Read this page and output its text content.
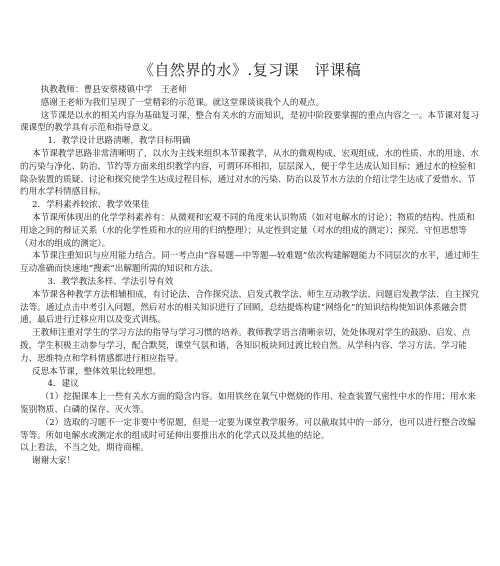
《自然界的水》.复习课　评课稿

执教教师：曹县安蔡楼镇中学　王老师

感谢王老师为我们呈现了一堂精彩的示范课。就这堂课谈谈我个人的观点。

这节课是以水的相关内容为基础复习课，整合有关水的方面知识，是初中阶段要掌握的重点内容之一。本节课对复习课课型的教学具有示范和指导意义。

1．教学设计思路清晰，教学目标明确

本节课教学思路非常清晰明了，以水为主线来组织本节课教学，从水的微观构成、宏观组成、水的性质、水的用途、水的污染与净化、防治、节约等方面来组织教学内容，可谓环环相扣，层层深入，便于学生达成认知目标；通过水的检验和除杂装置的质疑、讨论和探究使学生达成过程目标，通过对水的污染、防治以及节水方法的介绍让学生达成了爱惜水、节约用水学科情感目标。

2．学科素养较浓、教学效果佳

本节课所体现出的化学学科素养有：从微观和宏观不同的角度来认识物质（如对电解水的讨论）；物质的结构、性质和用途之间的辩证关系（水的化学性质和水的应用的归纳整理）；从定性到定量（对水的组成的测定）；探究、守恒思想等（对水的组成的测定）。

本节课注重知识与应用能力结合。同一考点由“容易题—中等题—较难题”依次构建解题能力不同层次的水平，通过师生互动准确而快速地“搜索”出解题所需的知识和方法。

3．教学教法多样、学法引导有效

本节课各种教学方法相辅相成，有讨论法、合作探究法、启发式教学法、师生互动教学法、问题启发教学法、自主探究法等。通过点击中考引入问题，然后对水的相关知识进行了回顾，总结提炼构建“网络化”的知识结构使知识体系融会贯通，最后进行迁移应用以及变式训练。

王教师注重对学生的学习方法的指导与学习习惯的培养。教师教学语言清晰亲切，处处体现对学生的鼓励、启发、点拨，学生积极主动参与学习，配合默契，课堂气氛和谐，各知识板块间过渡比较自然。从学科内容、学习方法、学习能力、思维特点和学科情感都进行相应指导。

反思本节课，整体效果比较理想。

4．建议

（1）挖掘课本上一些有关水方面的隐含内容。如用铁丝在氧气中燃烧的作用、检查装置气密性中水的作用；用水来鉴别物质、白磷的保存、灭火等。

（2）选取的习题不一定非要中考原题，但是一定要为课堂教学服务。可以截取其中的一部分，也可以进行整合改编等等。所如电解水或测定水的组成时可延伸出要推出水的化学式以及其他的结论。

以上看法，不当之处，期待商榷。

谢谢大家！
